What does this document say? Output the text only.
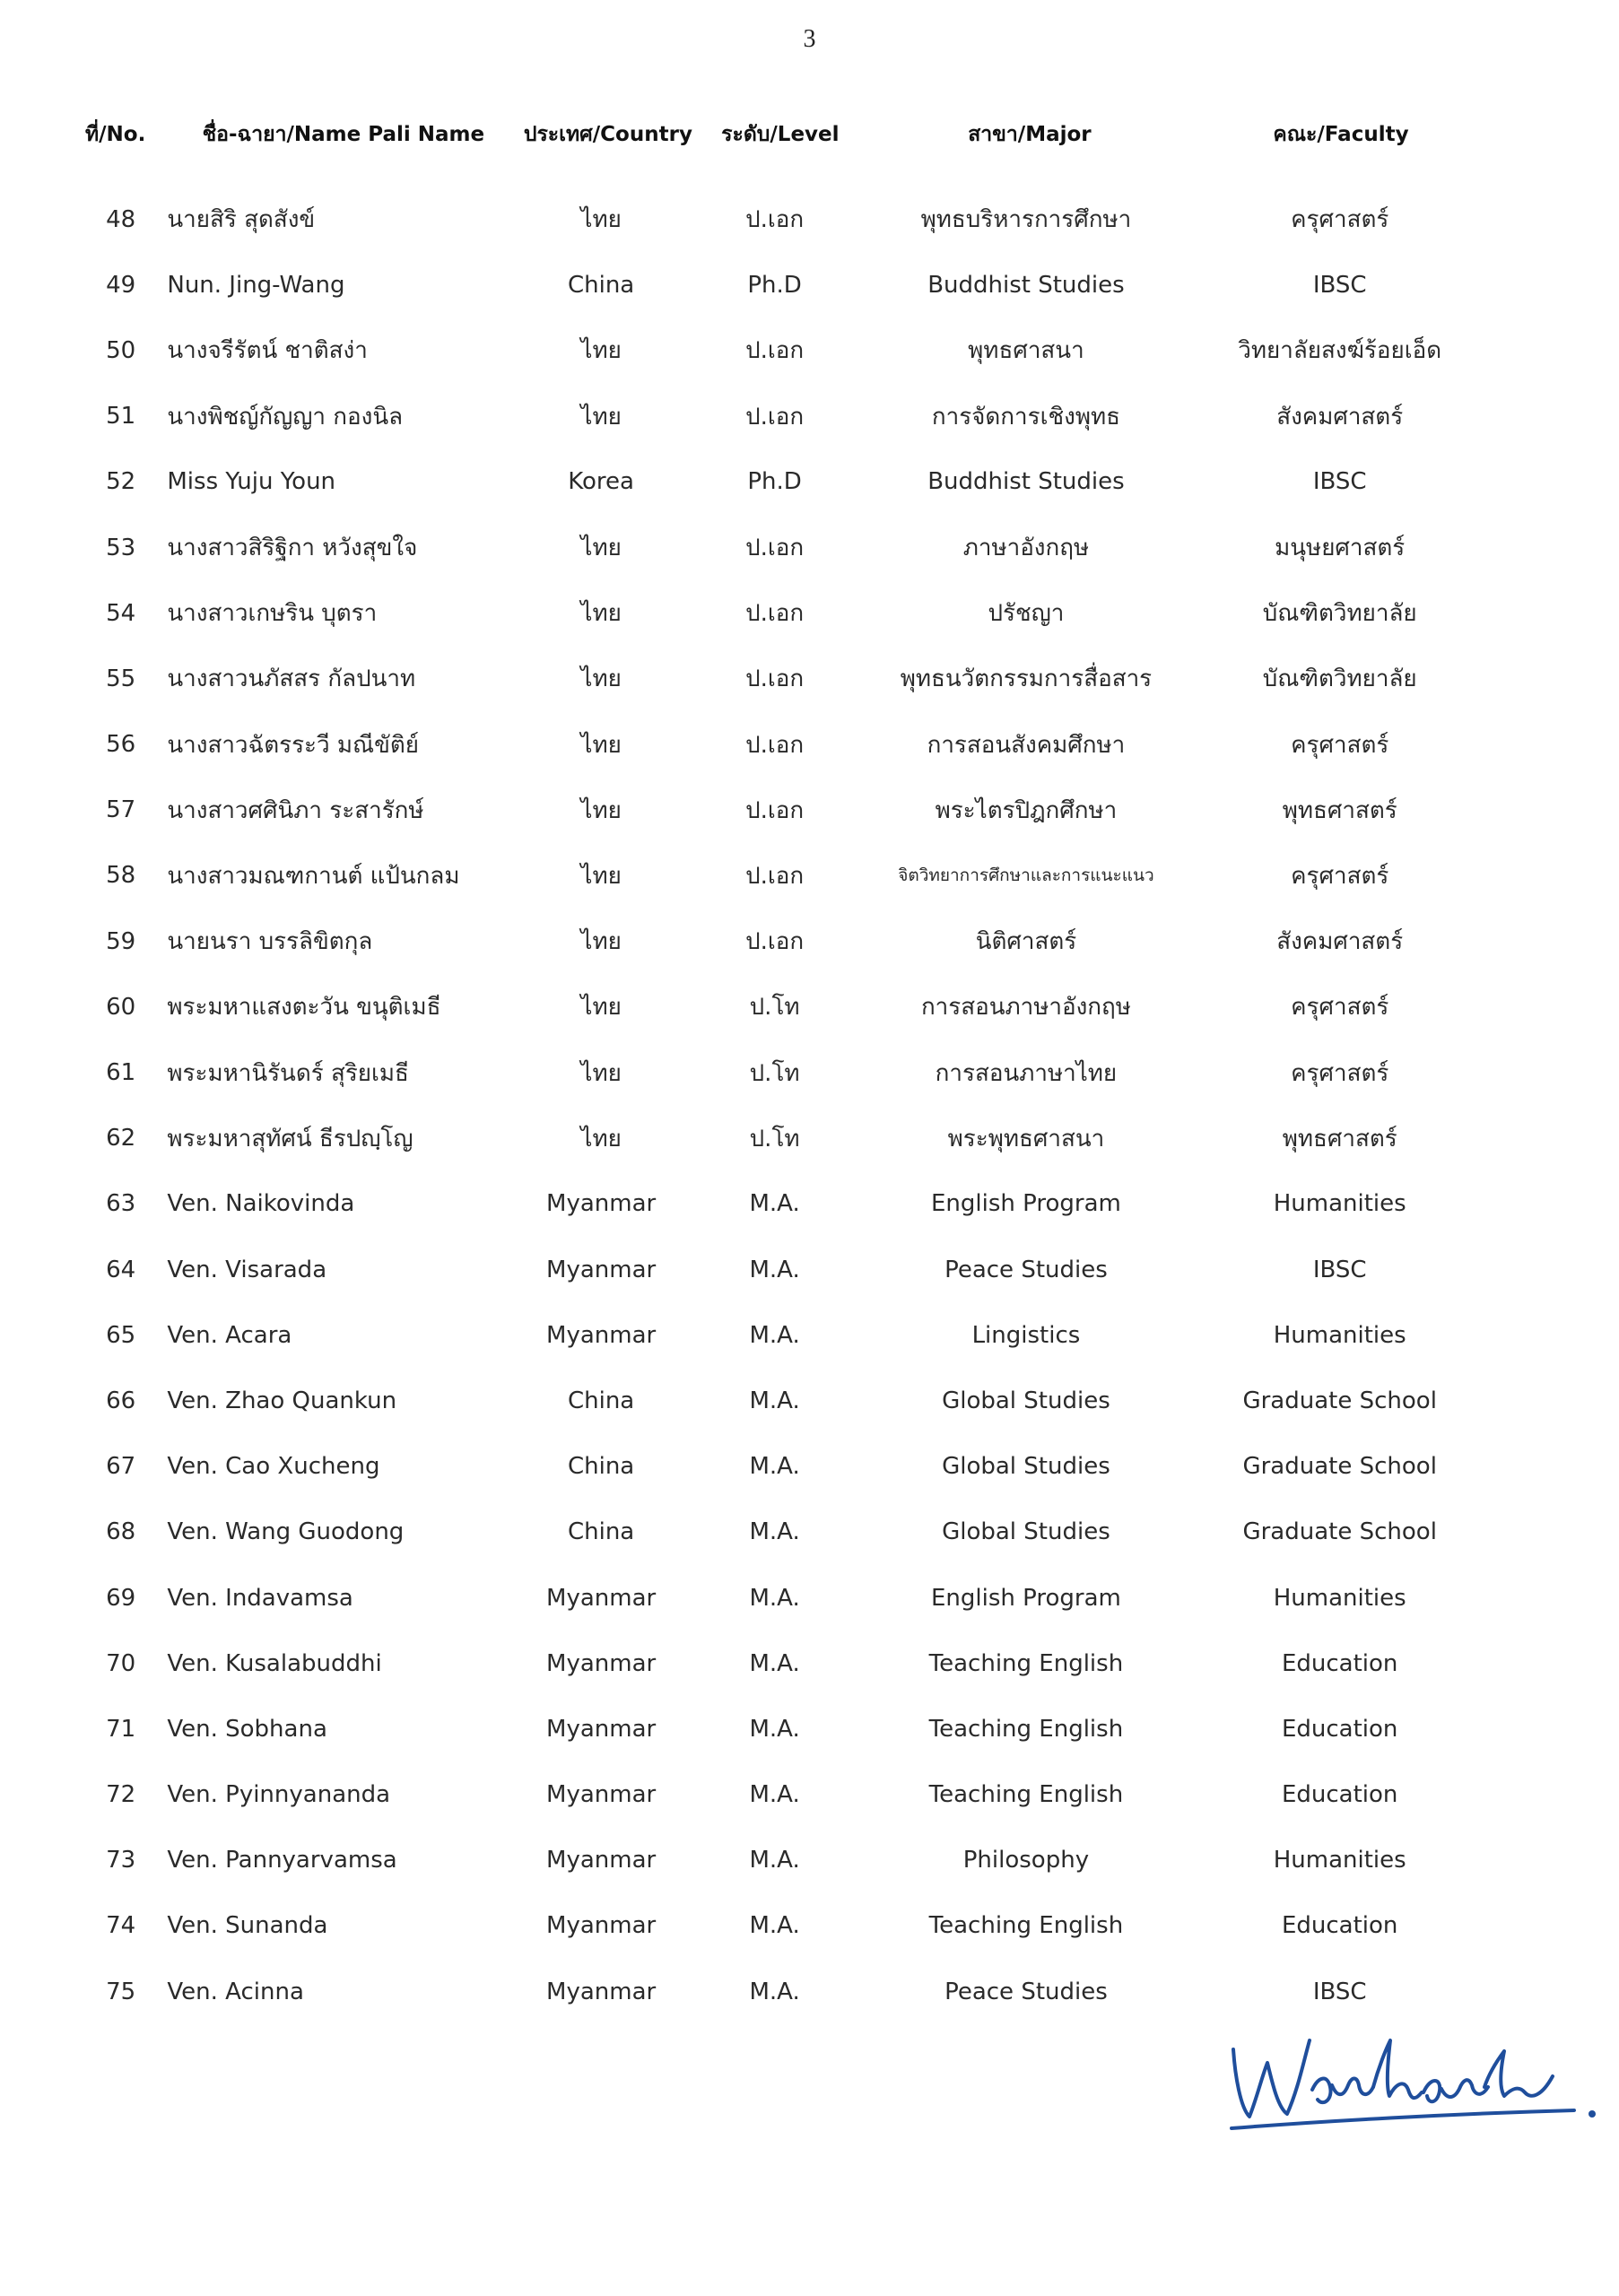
3
ที่/No.	ชื่อ-ฉายา/Name Pali Name	ประเทศ/Country	ระดับ/Level	สาขา/Major	คณะ/Faculty
48	นายสิริ สุดสังข์	ไทย	ป.เอก	พุทธบริหารการศึกษา	ครุศาสตร์
49	Nun. Jing-Wang	China	Ph.D	Buddhist Studies	IBSC
50	นางจรีรัตน์ ชาติสง่า	ไทย	ป.เอก	พุทธศาสนา	วิทยาลัยสงฆ์ร้อยเอ็ด
51	นางพิชญ์กัญญา กองนิล	ไทย	ป.เอก	การจัดการเชิงพุทธ	สังคมศาสตร์
52	Miss Yuju Youn	Korea	Ph.D	Buddhist Studies	IBSC
53	นางสาวสิริฐิกา หวังสุขใจ	ไทย	ป.เอก	ภาษาอังกฤษ	มนุษยศาสตร์
54	นางสาวเกษริน บุตรา	ไทย	ป.เอก	ปรัชญา	บัณฑิตวิทยาลัย
55	นางสาวนภัสสร กัลปนาท	ไทย	ป.เอก	พุทธนวัตกรรมการสื่อสาร	บัณฑิตวิทยาลัย
56	นางสาวฉัตรระวี มณีขัติย์	ไทย	ป.เอก	การสอนสังคมศึกษา	ครุศาสตร์
57	นางสาวศศินิภา ระสารักษ์	ไทย	ป.เอก	พระไตรปิฎกศึกษา	พุทธศาสตร์
58	นางสาวมณฑกานต์ แป้นกลม	ไทย	ป.เอก	จิตวิทยาการศึกษาและการแนะแนว	ครุศาสตร์
59	นายนรา บรรลิขิตกุล	ไทย	ป.เอก	นิติศาสตร์	สังคมศาสตร์
60	พระมหาแสงตะวัน ขนุติเมธี	ไทย	ป.โท	การสอนภาษาอังกฤษ	ครุศาสตร์
61	พระมหานิรันดร์ สุริยเมธี	ไทย	ป.โท	การสอนภาษาไทย	ครุศาสตร์
62	พระมหาสุทัศน์ ธีรปญฺโญ	ไทย	ป.โท	พระพุทธศาสนา	พุทธศาสตร์
63	Ven. Naikovinda	Myanmar	M.A.	English Program	Humanities
64	Ven. Visarada	Myanmar	M.A.	Peace Studies	IBSC
65	Ven. Acara	Myanmar	M.A.	Lingistics	Humanities
66	Ven. Zhao Quankun	China	M.A.	Global Studies	Graduate School
67	Ven. Cao Xucheng	China	M.A.	Global Studies	Graduate School
68	Ven. Wang Guodong	China	M.A.	Global Studies	Graduate School
69	Ven. Indavamsa	Myanmar	M.A.	English Program	Humanities
70	Ven. Kusalabuddhi	Myanmar	M.A.	Teaching English	Education
71	Ven. Sobhana	Myanmar	M.A.	Teaching English	Education
72	Ven. Pyinnyananda	Myanmar	M.A.	Teaching English	Education
73	Ven. Pannyarvamsa	Myanmar	M.A.	Philosophy	Humanities
74	Ven. Sunanda	Myanmar	M.A.	Teaching English	Education
75	Ven. Acinna	Myanmar	M.A.	Peace Studies	IBSC
